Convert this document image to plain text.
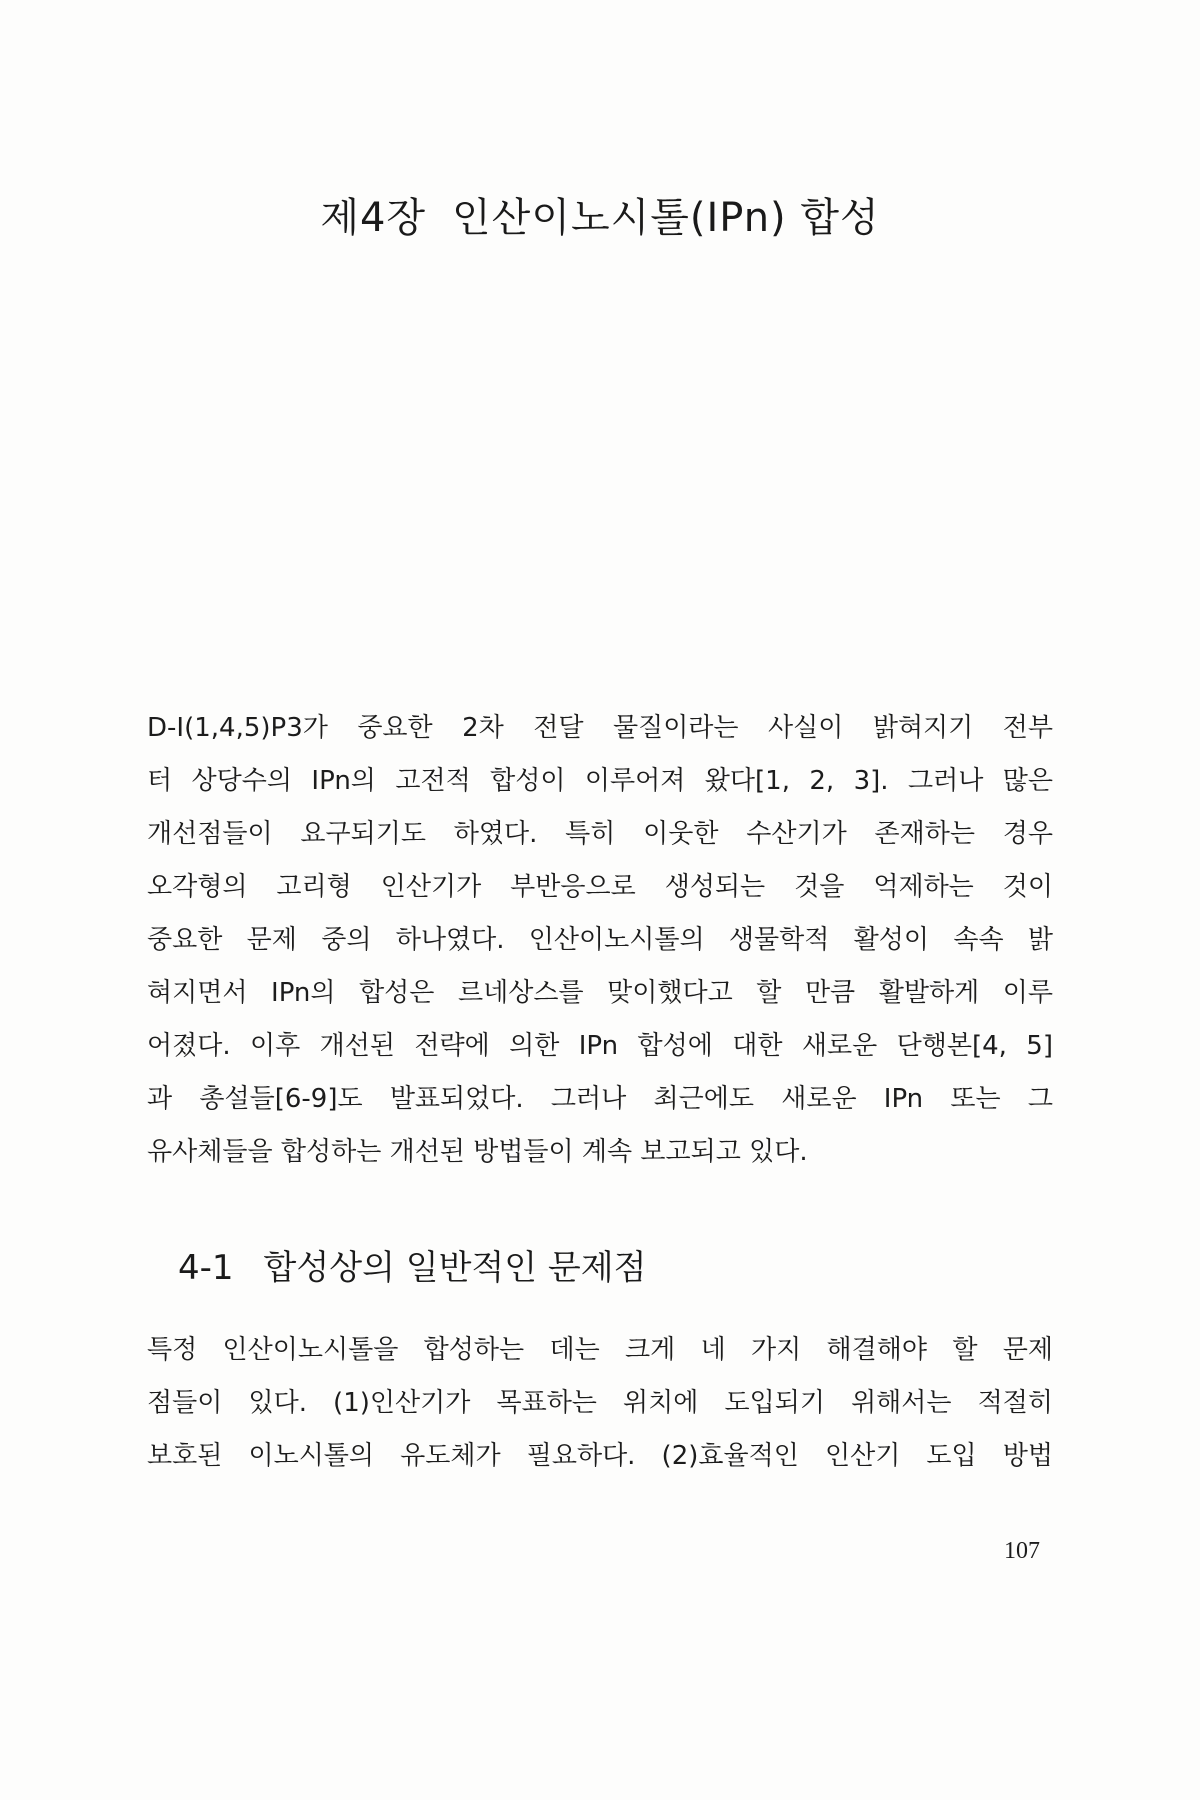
제4장 인산이노시톨(IPn) 합성
D-I(1,4,5)P3가 중요한 2차 전달 물질이라는 사실이 밝혀지기 전부
터 상당수의 IPn의 고전적 합성이 이루어져 왔다[1, 2, 3]. 그러나 많은
개선점들이 요구되기도 하였다. 특히 이웃한 수산기가 존재하는 경우
오각형의 고리형 인산기가 부반응으로 생성되는 것을 억제하는 것이
중요한 문제 중의 하나였다. 인산이노시톨의 생물학적 활성이 속속 밝
혀지면서 IPn의 합성은 르네상스를 맞이했다고 할 만큼 활발하게 이루
어졌다. 이후 개선된 전략에 의한 IPn 합성에 대한 새로운 단행본[4, 5]
과 총설들[6-9]도 발표되었다. 그러나 최근에도 새로운 IPn 또는 그
유사체들을 합성하는 개선된 방법들이 계속 보고되고 있다.
4-1 합성상의 일반적인 문제점
특정 인산이노시톨을 합성하는 데는 크게 네 가지 해결해야 할 문제
점들이 있다. (1)인산기가 목표하는 위치에 도입되기 위해서는 적절히
보호된 이노시톨의 유도체가 필요하다. (2)효율적인 인산기 도입 방법
107
